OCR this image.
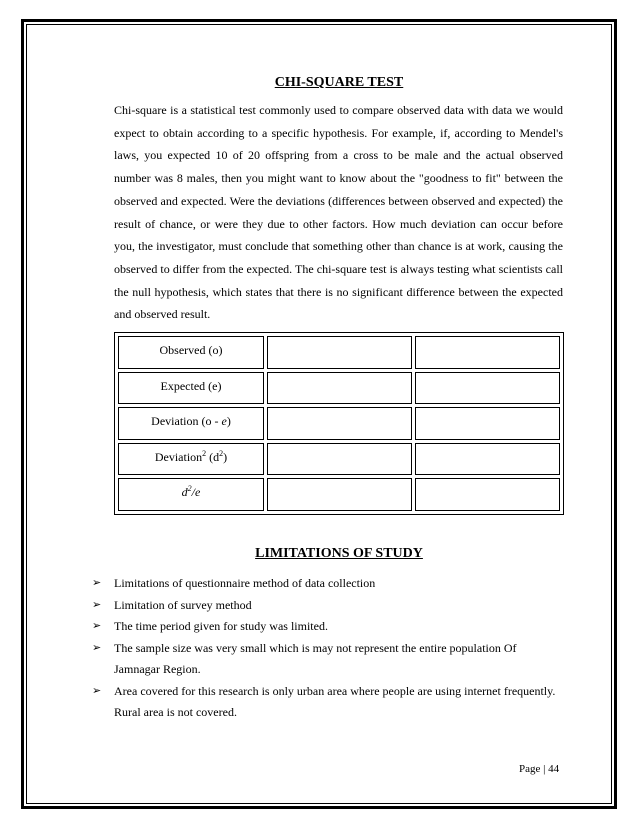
CHI-SQUARE TEST
Chi-square is a statistical test commonly used to compare observed data with data we would expect to obtain according to a specific hypothesis. For example, if, according to Mendel's laws, you expected 10 of 20 offspring from a cross to be male and the actual observed number was 8 males, then you might want to know about the "goodness to fit" between the observed and expected. Were the deviations (differences between observed and expected) the result of chance, or were they due to other factors. How much deviation can occur before you, the investigator, must conclude that something other than chance is at work, causing the observed to differ from the expected. The chi-square test is always testing what scientists call the null hypothesis, which states that there is no significant difference between the expected and observed result.
Observed (o)		
Expected (e)		
Deviation (o - e)		
Deviation$^2$ $(d^2)$		
$d^2/e$		
LIMITATIONS OF STUDY
➢ Limitations of questionnaire method of data collection
➢ Limitation of survey method
➢ The time period given for study was limited.
➢ The sample size was very small which is may not represent the entire population Of Jamnagar Region.
➢ Area covered for this research is only urban area where people are using internet frequently. Rural area is not covered.
Page | 44
